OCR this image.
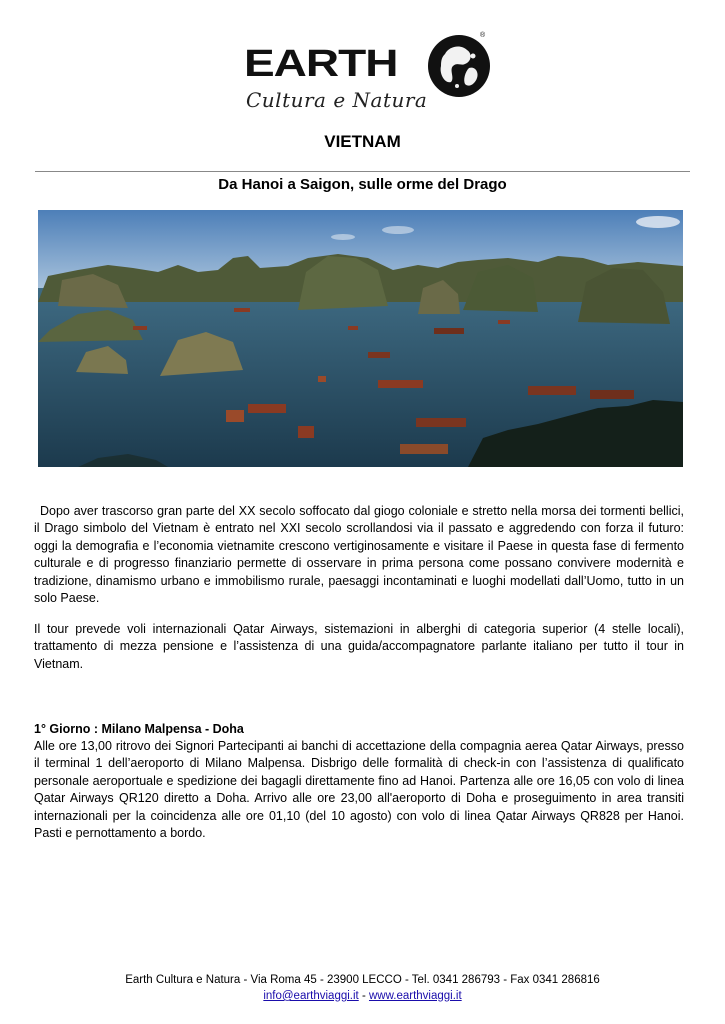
EARTH
®
Cultura e Natura
VIETNAM
Da Hanoi a Saigon, sulle orme del Drago

Dopo aver trascorso gran parte del XX secolo soffocato dal giogo coloniale e stretto nella morsa dei tormenti bellici, il Drago simbolo del Vietnam è entrato nel XXI secolo scrollandosi via il passato e aggredendo con forza il futuro: oggi la demografia e l’economia vietnamite crescono vertiginosamente e visitare il Paese in questa fase di fermento culturale e di progresso finanziario permette di osservare in prima persona come possano convivere modernità e tradizione, dinamismo urbano e immobilismo rurale, paesaggi incontaminati e luoghi modellati dall’Uomo, tutto in un solo Paese.

Il tour prevede voli internazionali Qatar Airways, sistemazioni in alberghi di categoria superior (4 stelle locali), trattamento di mezza pensione e l’assistenza di una guida/accompagnatore parlante italiano per tutto il tour in Vietnam.

1° Giorno : Milano Malpensa - Doha

Alle ore 13,00 ritrovo dei Signori Partecipanti ai banchi di accettazione della compagnia aerea Qatar Airways, presso il terminal 1 dell’aeroporto di Milano Malpensa. Disbrigo delle formalità di check-in con l’assistenza di qualificato personale aeroportuale e spedizione dei bagagli direttamente fino ad Hanoi. Partenza alle ore 16,05 con volo di linea Qatar Airways QR120 diretto a Doha. Arrivo alle ore 23,00 all'aeroporto di Doha e proseguimento in area transiti internazionali per la coincidenza alle ore 01,10 (del 10 agosto) con volo di linea Qatar Airways QR828 per Hanoi. Pasti e pernottamento a bordo.

Earth Cultura e Natura - Via Roma 45 - 23900 LECCO - Tel. 0341 286793 - Fax 0341 286816
info@earthviaggi.it - www.earthviaggi.it
